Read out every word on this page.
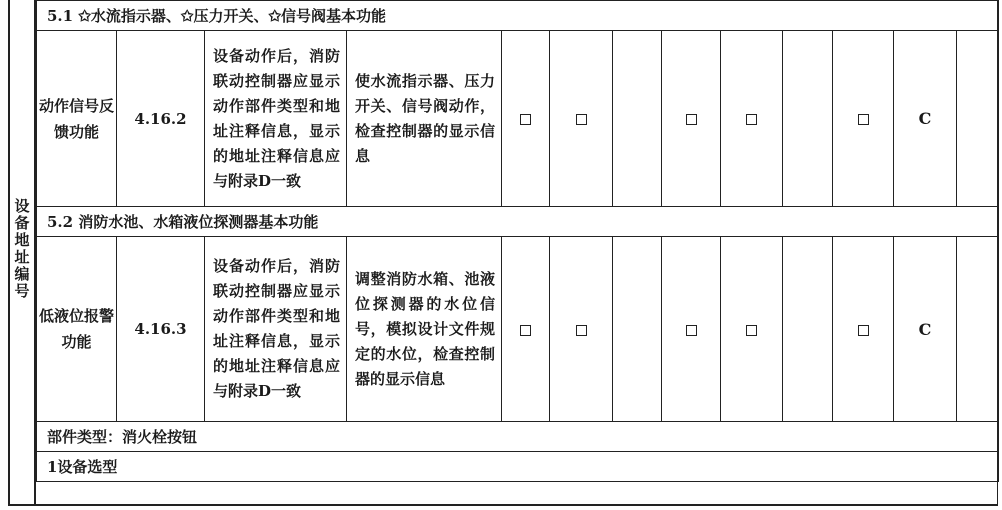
设备地址编号
5.1 ✩水流指示器、✩压力开关、✩信号阀基本功能												
动作信号反馈功能	4.16.2	设备动作后，消防联动控制器应显示动作部件类型和地址注释信息，显示的地址注释信息应与附录D一致	使水流指示器、压力开关、信号阀动作，检查控制器的显示信息								C	
5.2 消防水池、水箱液位探测器基本功能												
低液位报警功能	4.16.3	设备动作后，消防联动控制器应显示动作部件类型和地址注释信息，显示的地址注释信息应与附录D一致	调整消防水箱、池液位探测器的水位信号，模拟设计文件规定的水位，检查控制器的显示信息								C	
部件类型：消火栓按钮												
1设备选型												
